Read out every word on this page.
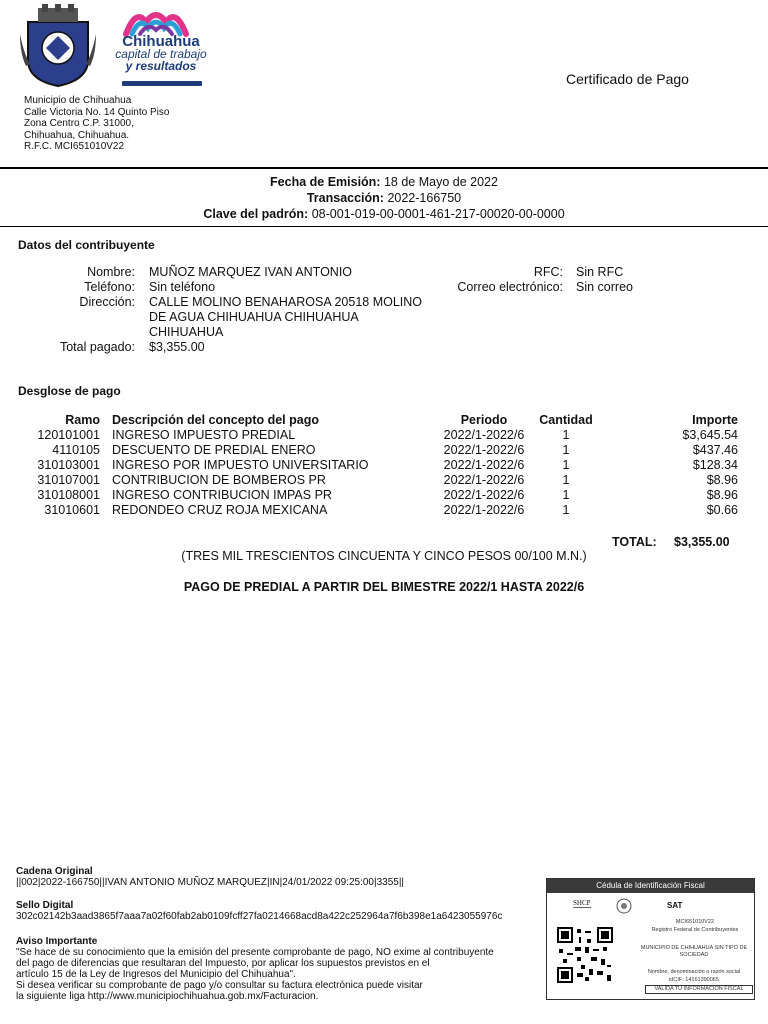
Chihuahua
capital de trabajo
y resultados
Certificado de Pago
Municipio de Chihuahua
Calle Victoria No. 14 Quinto Piso
Zona Centro C.P. 31000,
Chihuahua, Chihuahua.
R.F.C. MCI651010V22
Fecha de Emisión: 18 de Mayo de 2022
Transacción: 2022-166750
Clave del padrón: 08-001-019-00-0001-461-217-00020-00-0000
Datos del contribuyente
Nombre: MUÑOZ MARQUEZ IVAN ANTONIO
Teléfono: Sin teléfono
Dirección: CALLE MOLINO BENAHAROSA 20518 MOLINO
DE AGUA CHIHUAHUA CHIHUAHUA
CHIHUAHUA
Total pagado: $3,355.00
RFC: Sin RFC
Correo electrónico: Sin correo
Desglose de pago
Ramo	Descripción del concepto del pago	Periodo	Cantidad	Importe
120101001	INGRESO IMPUESTO PREDIAL	2022/1-2022/6	1	$3,645.54
4110105	DESCUENTO DE PREDIAL ENERO	2022/1-2022/6	1	$437.46
310103001	INGRESO POR IMPUESTO UNIVERSITARIO	2022/1-2022/6	1	$128.34
310107001	CONTRIBUCION DE BOMBEROS PR	2022/1-2022/6	1	$8.96
310108001	INGRESO CONTRIBUCION IMPAS PR	2022/1-2022/6	1	$8.96
31010601	REDONDEO CRUZ ROJA MEXICANA	2022/1-2022/6	1	$0.66
TOTAL: $3,355.00
(TRES MIL TRESCIENTOS CINCUENTA Y CINCO PESOS 00/100 M.N.)
PAGO DE PREDIAL A PARTIR DEL BIMESTRE 2022/1 HASTA 2022/6
Cadena Original
||002|2022-166750||IVAN ANTONIO MUÑOZ MARQUEZ|IN|24/01/2022 09:25:00|3355||
Sello Digital
302c02142b3aad3865f7aaa7a02f60fab2ab0109fcff27fa0214668acd8a422c252964a7f6b398e1a6423055976c
Aviso Importante
"Se hace de su conocimiento que la emisión del presente comprobante de pago, NO exime al contribuyente
del pago de diferencias que resultaran del Impuesto, por aplicar los supuestos previstos en el
artículo 15 de la Ley de Ingresos del Municipio del Chihuahua".
Si desea verificar su comprobante de pago y/o consultar su factura electrónica puede visitar
la siguiente liga http://www.municipiochihuahua.gob.mx/Facturacion.
Cédula de Identificación Fiscal
SHCP	SAT
MCI651010V22
Registro Federal de Contribuyentes
MUNICIPIO DE CHIHUAHUA SIN TIPO DE SOCIEDAD
Nombre, denominación o razón social
idCIF: 14161390065
VALIDA TU INFORMACIÓN FISCAL
